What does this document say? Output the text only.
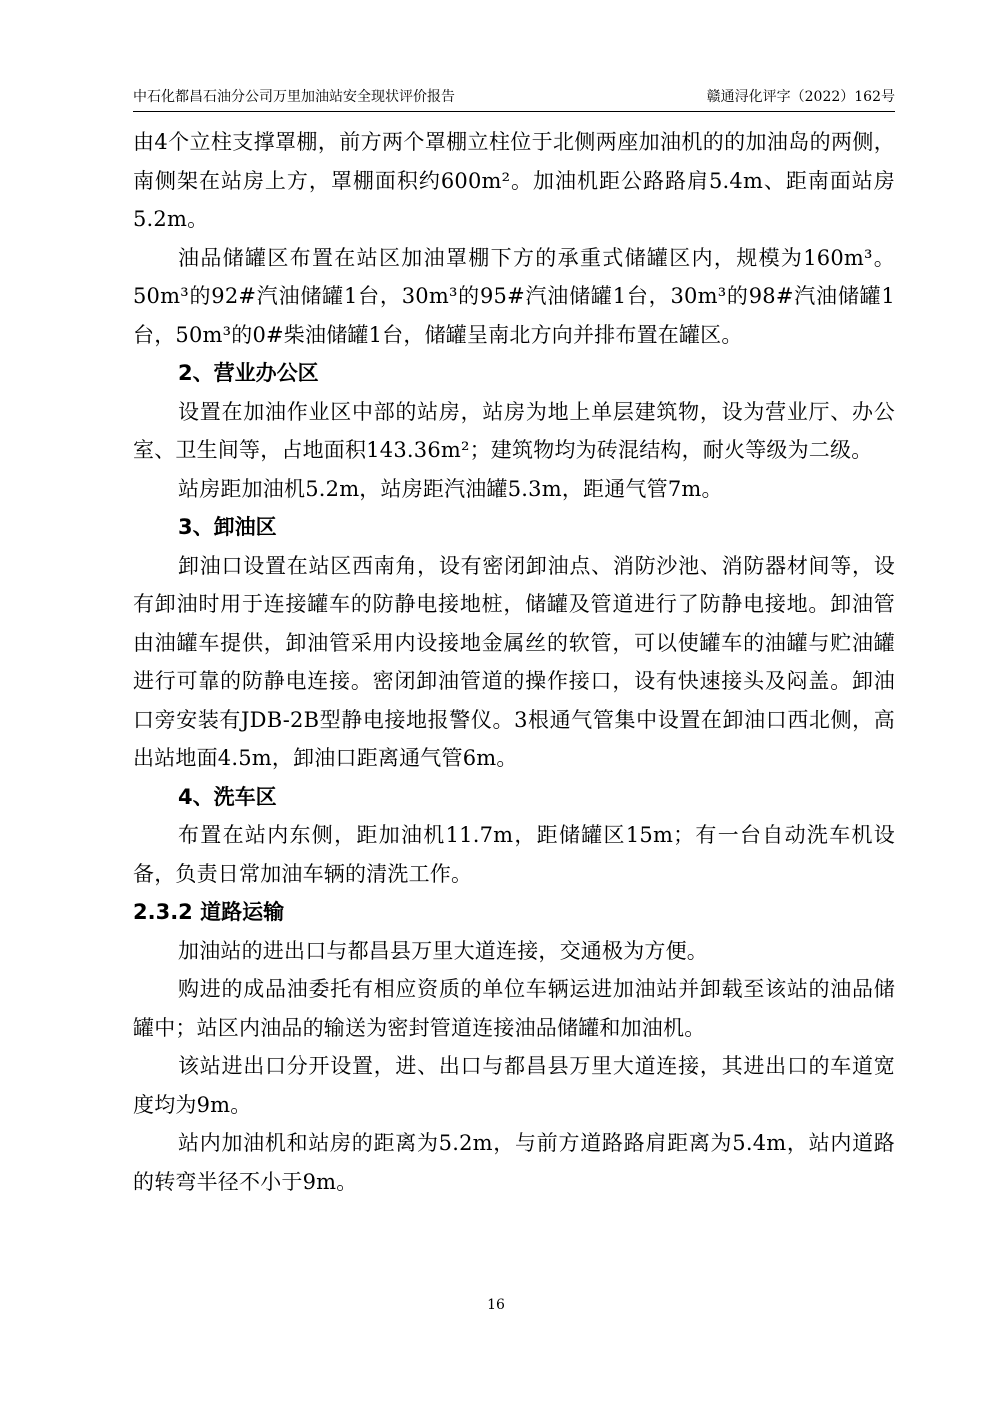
中石化都昌石油分公司万里加油站安全现状评价报告	赣通浔化评字（2022）162号

由4个立柱支撑罩棚，前方两个罩棚立柱位于北侧两座加油机的的加油岛的两侧，南侧架在站房上方，罩棚面积约600m²。加油机距公路路肩5.4m、距南面站房5.2m。

油品储罐区布置在站区加油罩棚下方的承重式储罐区内，规模为160m³。50m³的92#汽油储罐1台，30m³的95#汽油储罐1台，30m³的98#汽油储罐1台，50m³的0#柴油储罐1台，储罐呈南北方向并排布置在罐区。

2、营业办公区

设置在加油作业区中部的站房，站房为地上单层建筑物，设为营业厅、办公室、卫生间等，占地面积143.36m²；建筑物均为砖混结构，耐火等级为二级。

站房距加油机5.2m，站房距汽油罐5.3m，距通气管7m。

3、卸油区

卸油口设置在站区西南角，设有密闭卸油点、消防沙池、消防器材间等，设有卸油时用于连接罐车的防静电接地桩，储罐及管道进行了防静电接地。卸油管由油罐车提供，卸油管采用内设接地金属丝的软管，可以使罐车的油罐与贮油罐进行可靠的防静电连接。密闭卸油管道的操作接口，设有快速接头及闷盖。卸油口旁安装有JDB-2B型静电接地报警仪。3根通气管集中设置在卸油口西北侧，高出站地面4.5m，卸油口距离通气管6m。

4、洗车区

布置在站内东侧，距加油机11.7m，距储罐区15m；有一台自动洗车机设备，负责日常加油车辆的清洗工作。

2.3.2 道路运输

加油站的进出口与都昌县万里大道连接，交通极为方便。

购进的成品油委托有相应资质的单位车辆运进加油站并卸载至该站的油品储罐中；站区内油品的输送为密封管道连接油品储罐和加油机。

该站进出口分开设置，进、出口与都昌县万里大道连接，其进出口的车道宽度均为9m。

站内加油机和站房的距离为5.2m，与前方道路路肩距离为5.4m，站内道路的转弯半径不小于9m。

16
